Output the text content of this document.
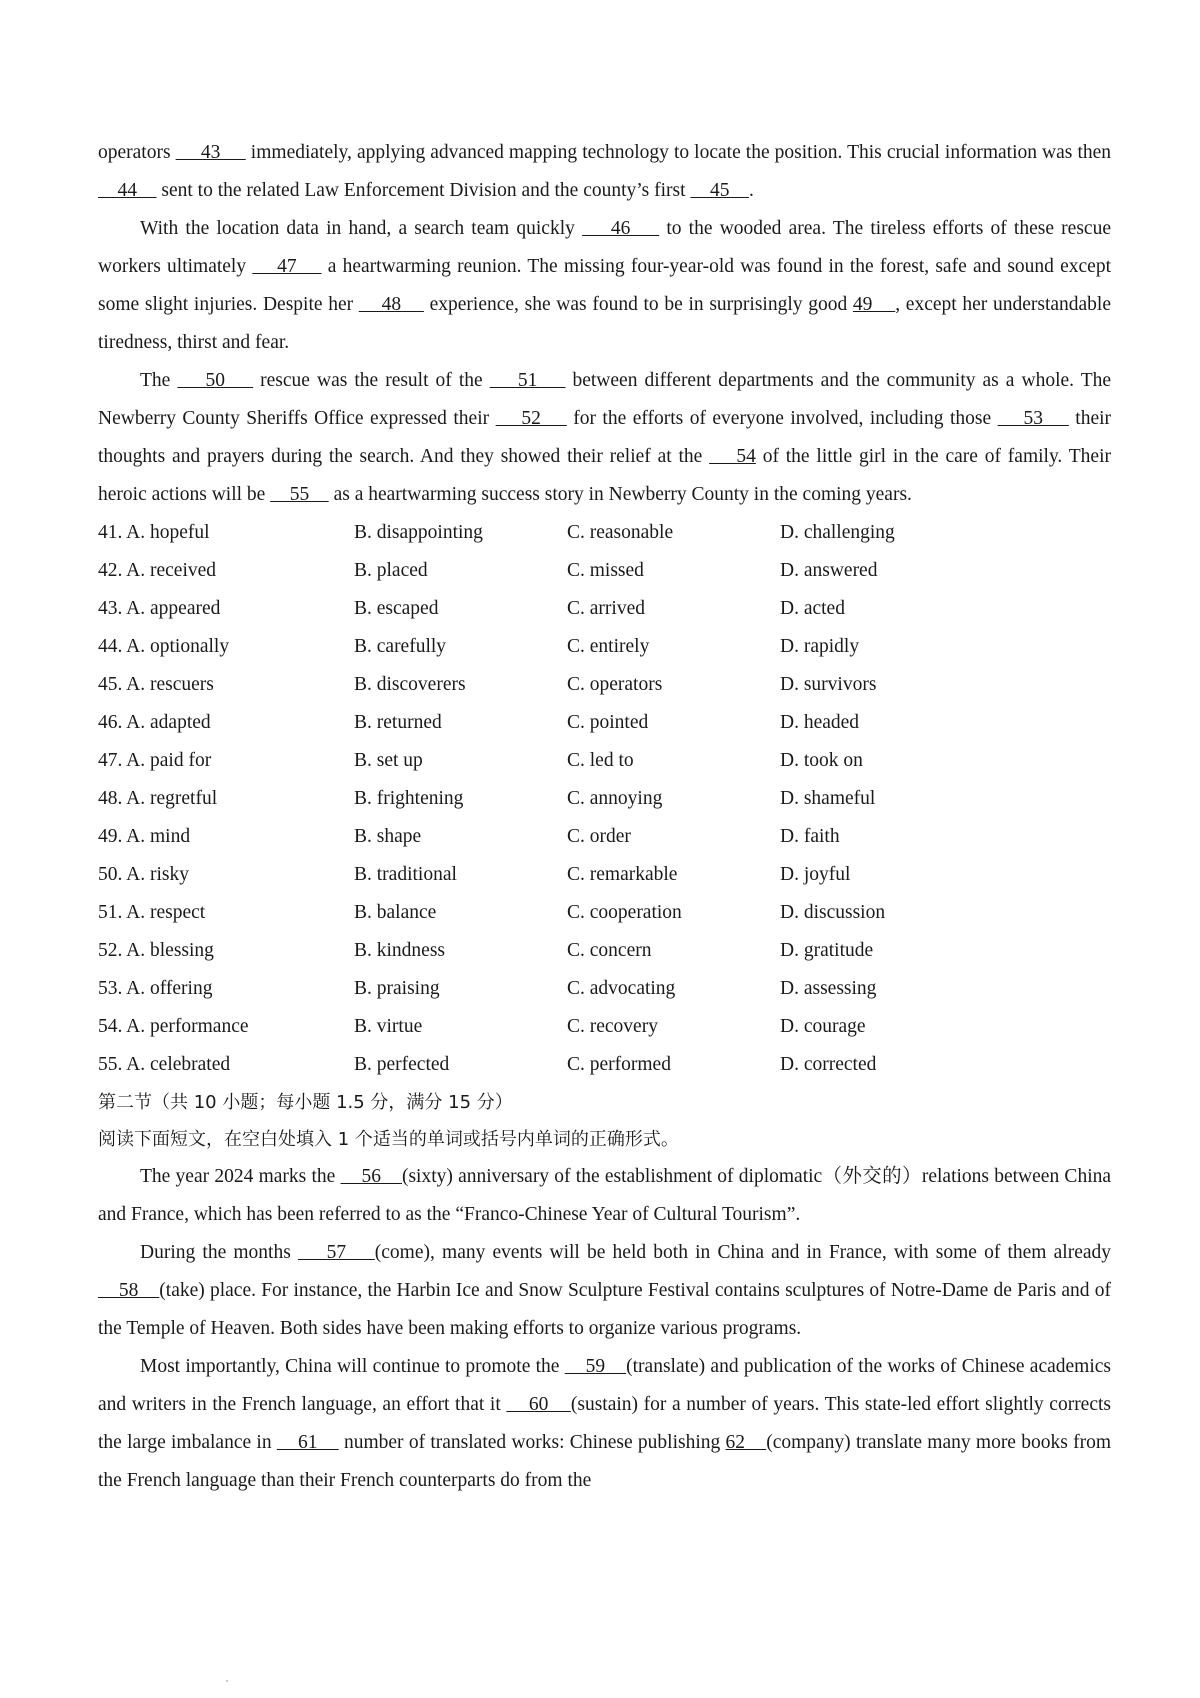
operators      43      immediately, applying advanced mapping technology to locate the position. This crucial information was then     44     sent to the related Law Enforcement Division and the county’s first     45    .

With the location data in hand, a search team quickly     46     to the wooded area. The tireless efforts of these rescue workers ultimately     47     a heartwarming reunion. The missing four-year-old was found in the forest, safe and sound except some slight injuries. Despite her     48     experience, she was found to be in surprisingly good 49    , except her understandable tiredness, thirst and fear.

The     50     rescue was the result of the     51     between different departments and the community as a whole. The Newberry County Sheriffs Office expressed their     52     for the efforts of everyone involved, including those     53     their thoughts and prayers during the search. And they showed their relief at the     54 of the little girl in the care of family. Their heroic actions will be     55     as a heartwarming success story in Newberry County in the coming years.

41. A. hopeful	B. disappointing	C. reasonable	D. challenging
42. A. received	B. placed	C. missed	D. answered
43. A. appeared	B. escaped	C. arrived	D. acted
44. A. optionally	B. carefully	C. entirely	D. rapidly
45. A. rescuers	B. discoverers	C. operators	D. survivors
46. A. adapted	B. returned	C. pointed	D. headed
47. A. paid for	B. set up	C. led to	D. took on
48. A. regretful	B. frightening	C. annoying	D. shameful
49. A. mind	B. shape	C. order	D. faith
50. A. risky	B. traditional	C. remarkable	D. joyful
51. A. respect	B. balance	C. cooperation	D. discussion
52. A. blessing	B. kindness	C. concern	D. gratitude
53. A. offering	B. praising	C. advocating	D. assessing
54. A. performance	B. virtue	C. recovery	D. courage
55. A. celebrated	B. perfected	C. performed	D. corrected

第二节（共 10 小题；每小题 1.5 分，满分 15 分）

阅读下面短文，在空白处填入 1 个适当的单词或括号内单词的正确形式。

The year 2024 marks the     56    (sixty) anniversary of the establishment of diplomatic（外交的）relations between China and France, which has been referred to as the “Franco-Chinese Year of Cultural Tourism”.

During the months     57    (come), many events will be held both in China and in France, with some of them already     58    (take) place. For instance, the Harbin Ice and Snow Sculpture Festival contains sculptures of Notre-Dame de Paris and of the Temple of Heaven. Both sides have been making efforts to organize various programs.

Most importantly, China will continue to promote the     59    (translate) and publication of the works of Chinese academics and writers in the French language, an effort that it     60    (sustain) for a number of years. This state-led effort slightly corrects the large imbalance in     61     number of translated works: Chinese publishing 62    (company) translate many more books from the French language than their French counterparts do from the
